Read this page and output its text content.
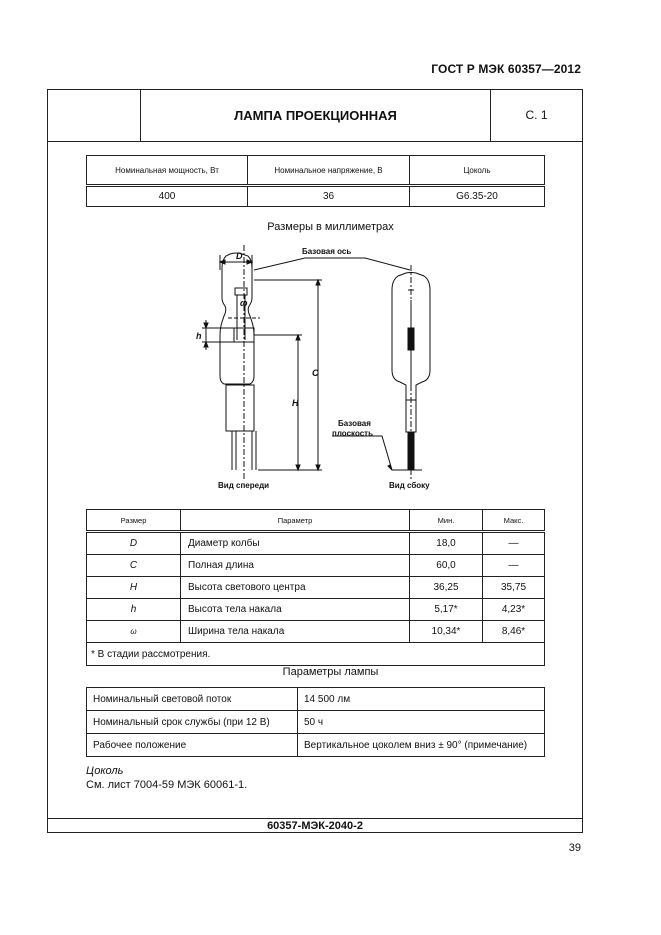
ГОСТ Р МЭК 60357—2012
ЛАМПА ПРОЕКЦИОННАЯ	С. 1
Номинальная мощность, Вт	Номинальное напряжение, В	Цоколь
400	36	G6.35-20
Размеры в миллиметрах
D
C
H
h
ω
Базовая ось
Базовая
плоскость
Вид спереди	Вид сбоку
Размер	Параметр	Мин.	Макс.
D	Диаметр колбы	18,0	—
C	Полная длина	60,0	—
H	Высота светового центра	36,25	35,75
h	Высота тела накала	5,17*	4,23*
ω	Ширина тела накала	10,34*	8,46*
* В стадии рассмотрения.			
Параметры лампы
Номинальный световой поток	14 500 лм
Номинальный срок службы (при 12 В)	50 ч
Рабочее положение	Вертикальное цоколем вниз ± 90° (примечание)
Цоколь
См. лист 7004-59 МЭК 60061-1.
60357-МЭК-2040-2
39
